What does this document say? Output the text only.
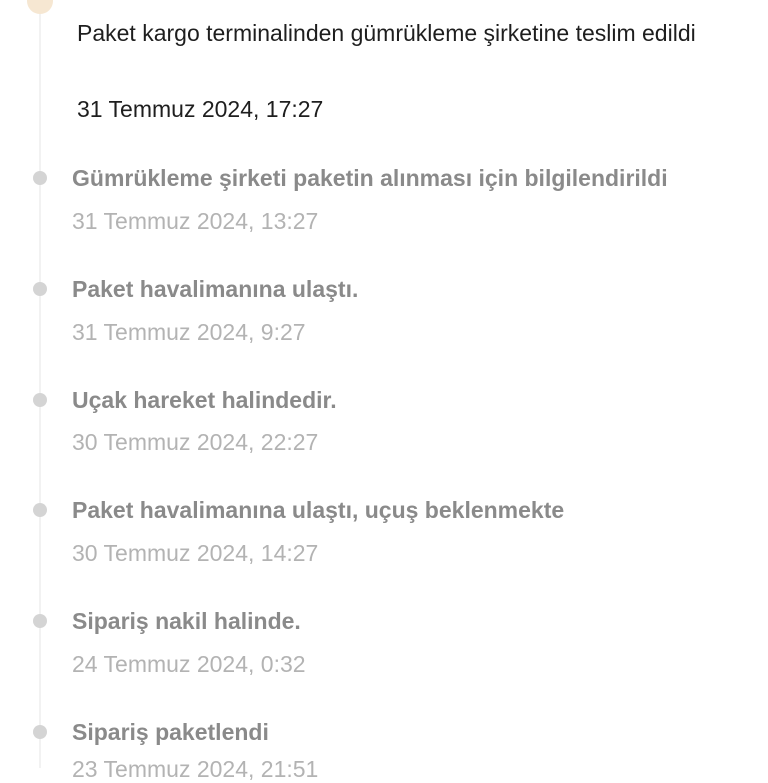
Paket kargo terminalinden gümrükleme şirketine teslim edildi
31 Temmuz 2024, 17:27
Gümrükleme şirketi paketin alınması için bilgilendirildi
31 Temmuz 2024, 13:27
Paket havalimanına ulaştı.
31 Temmuz 2024, 9:27
Uçak hareket halindedir.
30 Temmuz 2024, 22:27
Paket havalimanına ulaştı, uçuş beklenmekte
30 Temmuz 2024, 14:27
Sipariş nakil halinde.
24 Temmuz 2024, 0:32
Sipariş paketlendi
23 Temmuz 2024, 21:51
